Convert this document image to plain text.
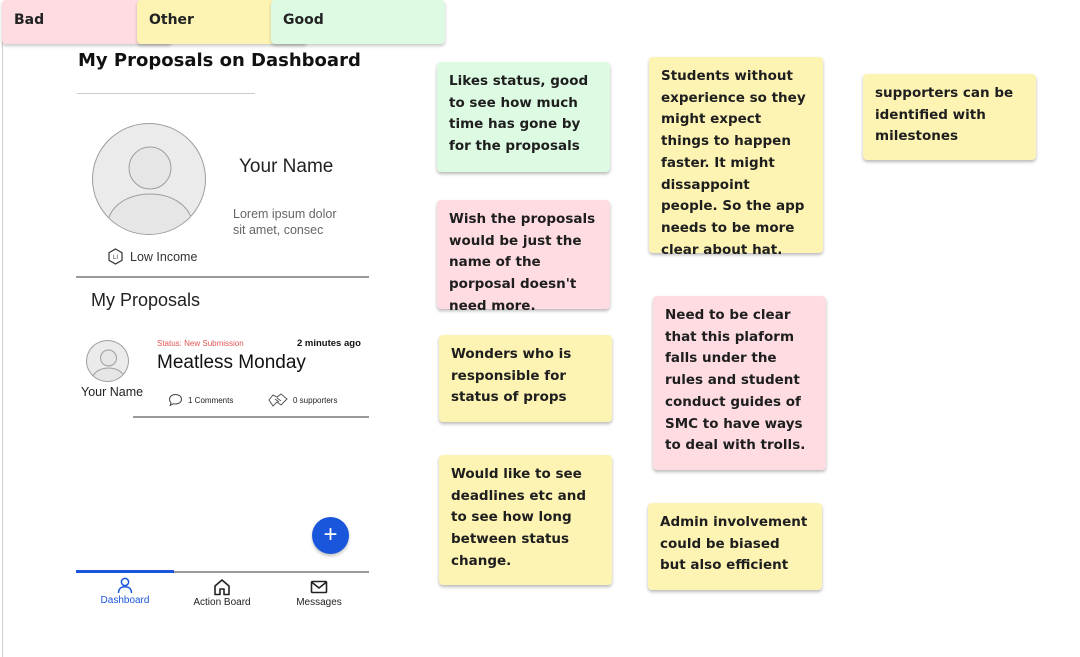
Bad	Other	Good
My Proposals on Dashboard
Your Name
Lorem ipsum dolor
sit amet, consec
LI Low Income
My Proposals
Your Name
Status: New Submission	2 minutes ago
Meatless Monday
1 Comments	0 supporters
+
Dashboard	Action Board	Messages
Likes status, good to see how much time has gone by for the proposals
Wish the proposals would be just the name of the porposal doesn't need more.
Wonders who is responsible for status of props
Would like to see deadlines etc and to see how long between status change.
Students without experience so they might expect things to happen faster. It might dissappoint people. So the app needs to be more clear about hat.
Need to be clear that this plaform falls under the rules and student conduct guides of SMC to have ways to deal with trolls.
Admin involvement could be biased but also efficient
supporters can be identified with milestones
